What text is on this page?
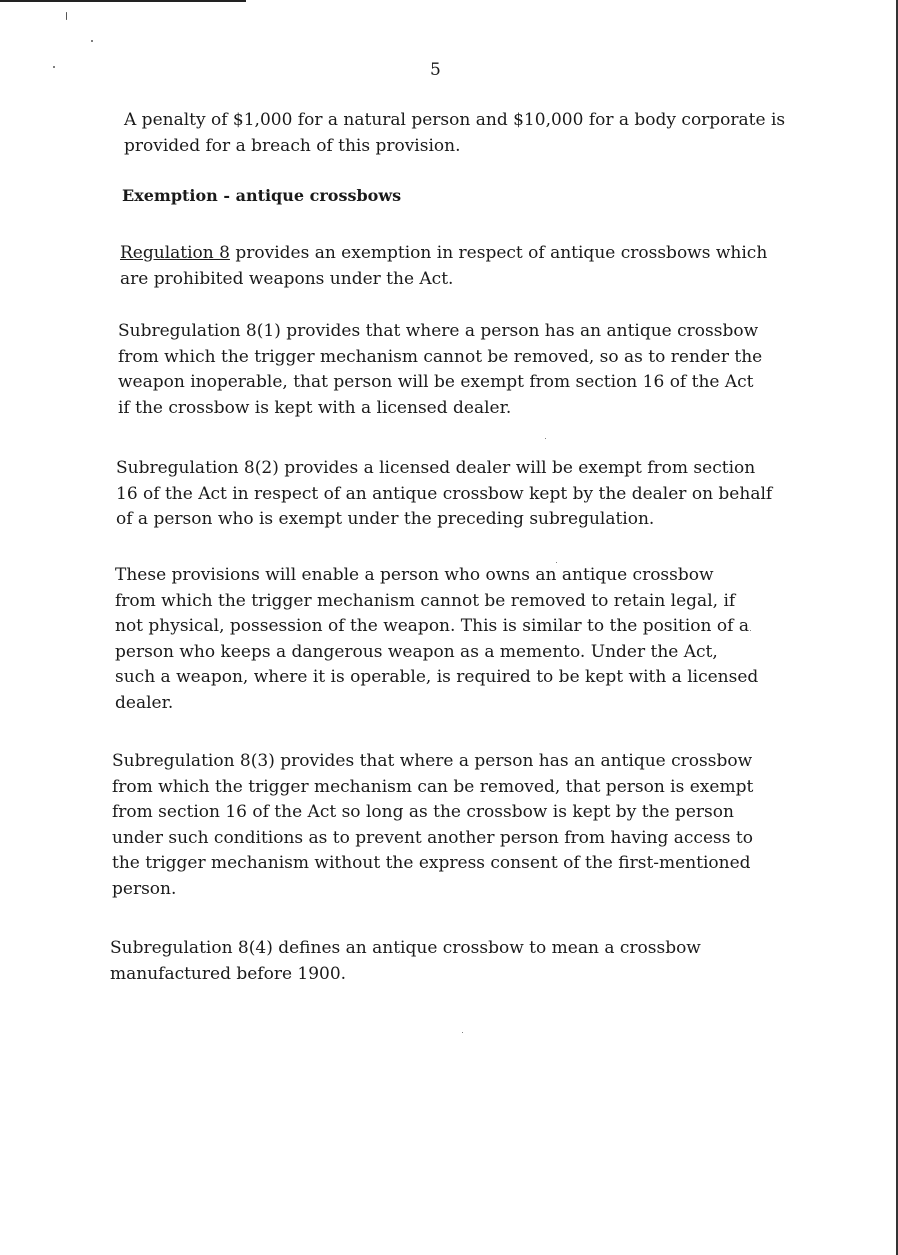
5
A penalty of $1,000 for a natural person and $10,000 for a body corporate is
provided for a breach of this provision.
Exemption - antique crossbows
Regulation 8 provides an exemption in respect of antique crossbows which
are prohibited weapons under the Act.
Subregulation 8(1) provides that where a person has an antique crossbow
from which the trigger mechanism cannot be removed, so as to render the
weapon inoperable, that person will be exempt from section 16 of the Act
if the crossbow is kept with a licensed dealer.
Subregulation 8(2) provides a licensed dealer will be exempt from section
16 of the Act in respect of an antique crossbow kept by the dealer on behalf
of a person who is exempt under the preceding subregulation.
These provisions will enable a person who owns an antique crossbow
from which the trigger mechanism cannot be removed to retain legal, if
not physical, possession of the weapon. This is similar to the position of a
person who keeps a dangerous weapon as a memento. Under the Act,
such a weapon, where it is operable, is required to be kept with a licensed
dealer.
Subregulation 8(3) provides that where a person has an antique crossbow
from which the trigger mechanism can be removed, that person is exempt
from section 16 of the Act so long as the crossbow is kept by the person
under such conditions as to prevent another person from having access to
the trigger mechanism without the express consent of the first-mentioned
person.
Subregulation 8(4) defines an antique crossbow to mean a crossbow
manufactured before 1900.
